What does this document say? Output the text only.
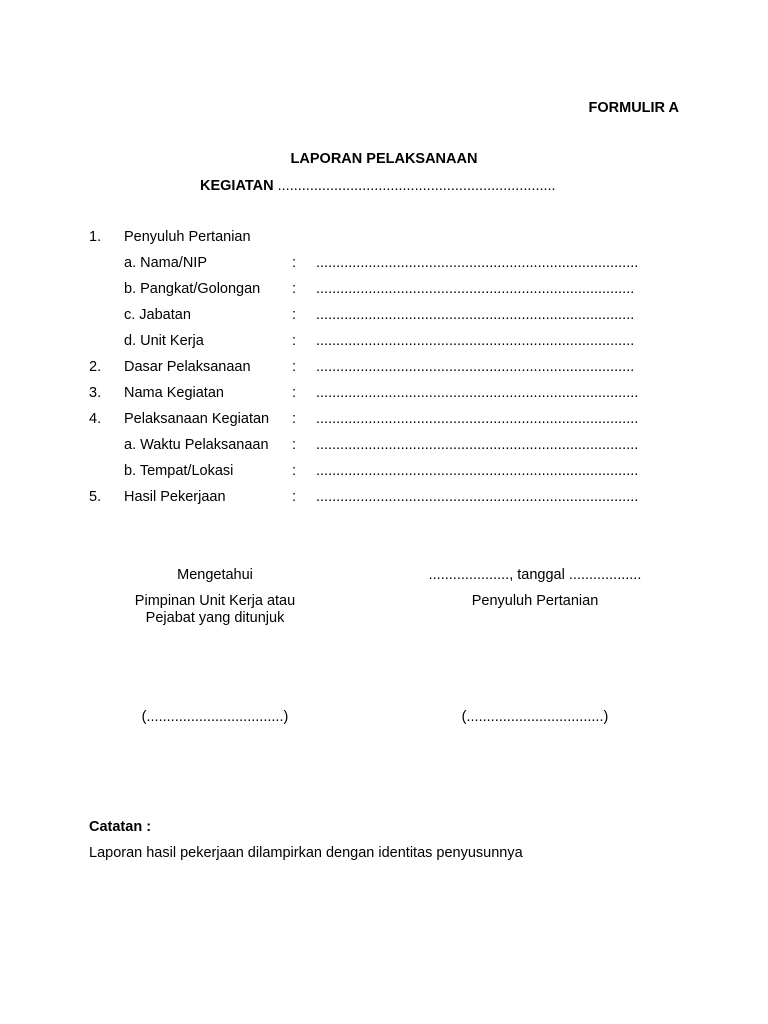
FORMULIR A
LAPORAN PELAKSANAAN
KEGIATAN .....................................................................
1. Penyuluh Pertanian
a. Nama/NIP	: ................................................................................
b. Pangkat/Golongan : ...............................................................................
c. Jabatan	: ...............................................................................
d. Unit Kerja	: ...............................................................................
2. Dasar Pelaksanaan	: ...............................................................................
3. Nama Kegiatan	: ................................................................................
4. Pelaksanaan Kegiatan : ................................................................................
a. Waktu Pelaksanaan : ................................................................................
b. Tempat/Lokasi	: ................................................................................
5. Hasil Pekerjaan	: ................................................................................
Mengetahui
Pimpinan Unit Kerja atau
Pejabat yang ditunjuk
(..................................)
...................., tanggal ..................
Penyuluh Pertanian
(..................................)
Catatan :
Laporan hasil pekerjaan dilampirkan dengan identitas penyusunnya
